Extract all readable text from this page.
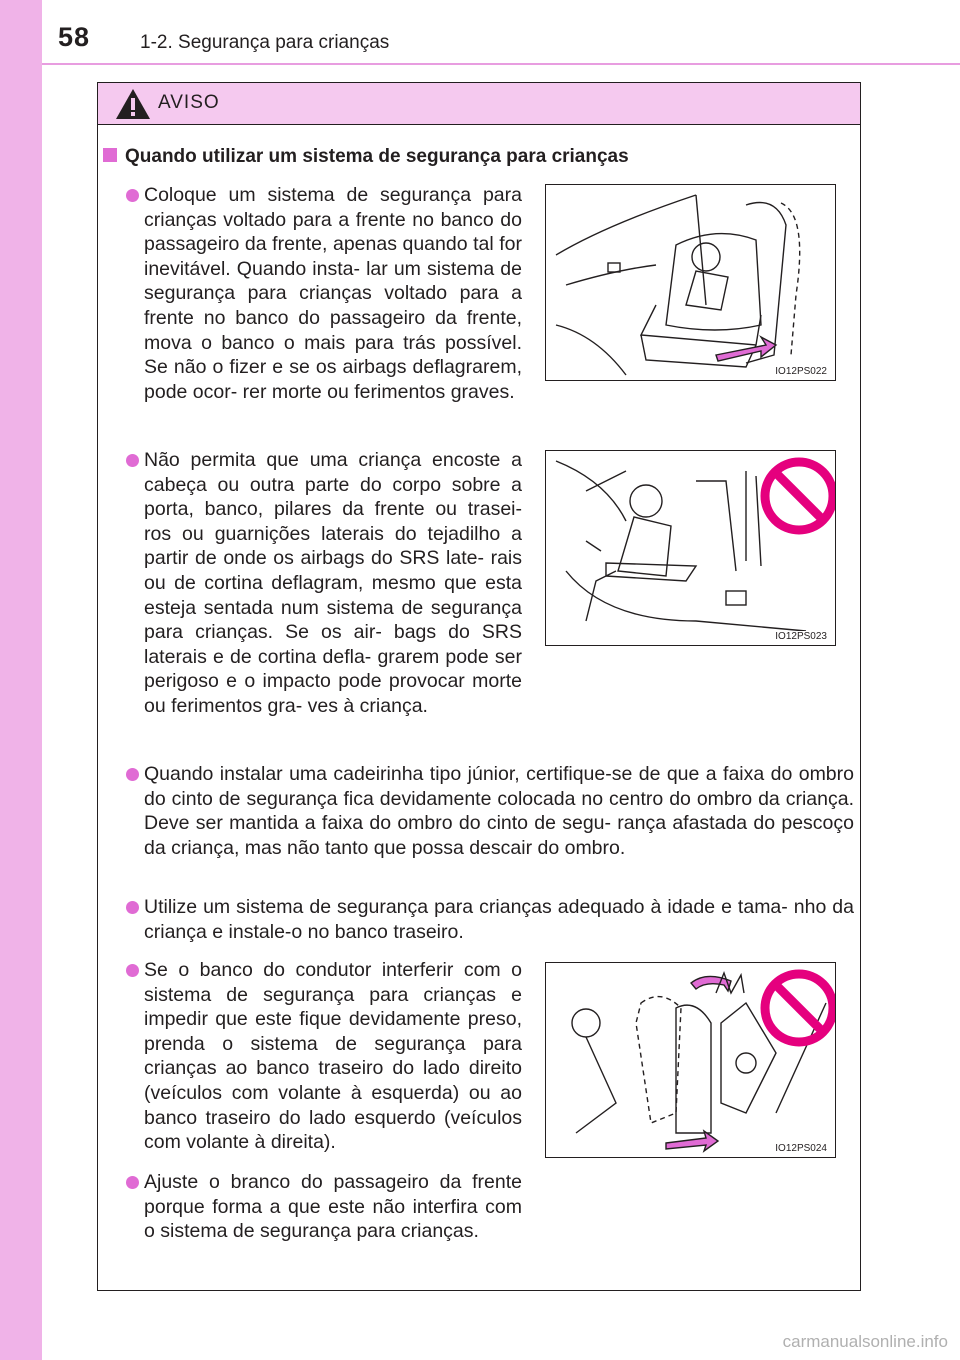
58	1-2. Segurança para crianças
AVISO
Quando utilizar um sistema de segurança para crianças
Coloque um sistema de segurança para crianças voltado para a frente no banco do passageiro da frente, apenas quando tal for inevitável. Quando insta- lar um sistema de segurança para crianças voltado para a frente no banco do passageiro da frente, mova o banco o mais para trás possível. Se não o fizer e se os airbags deflagrarem, pode ocor- rer morte ou ferimentos graves.
Não permita que uma criança encoste a cabeça ou outra parte do corpo sobre a porta, banco, pilares da frente ou trasei- ros ou guarnições laterais do tejadilho a partir de onde os airbags do SRS late- rais ou de cortina deflagram, mesmo que esta esteja sentada num sistema de segurança para crianças. Se os air- bags do SRS laterais e de cortina defla- grarem pode ser perigoso e o impacto pode provocar morte ou ferimentos gra- ves à criança.
Quando instalar uma cadeirinha tipo júnior, certifique-se de que a faixa do ombro do cinto de segurança fica devidamente colocada no centro do ombro da criança. Deve ser mantida a faixa do ombro do cinto de segu- rança afastada do pescoço da criança, mas não tanto que possa descair do ombro.
Utilize um sistema de segurança para crianças adequado à idade e tama- nho da criança e instale-o no banco traseiro.
Se o banco do condutor interferir com o sistema de segurança para crianças e impedir que este fique devidamente preso, prenda o sistema de segurança para crianças ao banco traseiro do lado direito (veículos com volante à esquerda) ou ao banco traseiro do lado esquerdo (veículos com volante à direita).
Ajuste o branco do passageiro da frente porque forma a que este não interfira com o sistema de segurança para crianças.
IO12PS022
IO12PS023
IO12PS024
carmanualsonline.info
